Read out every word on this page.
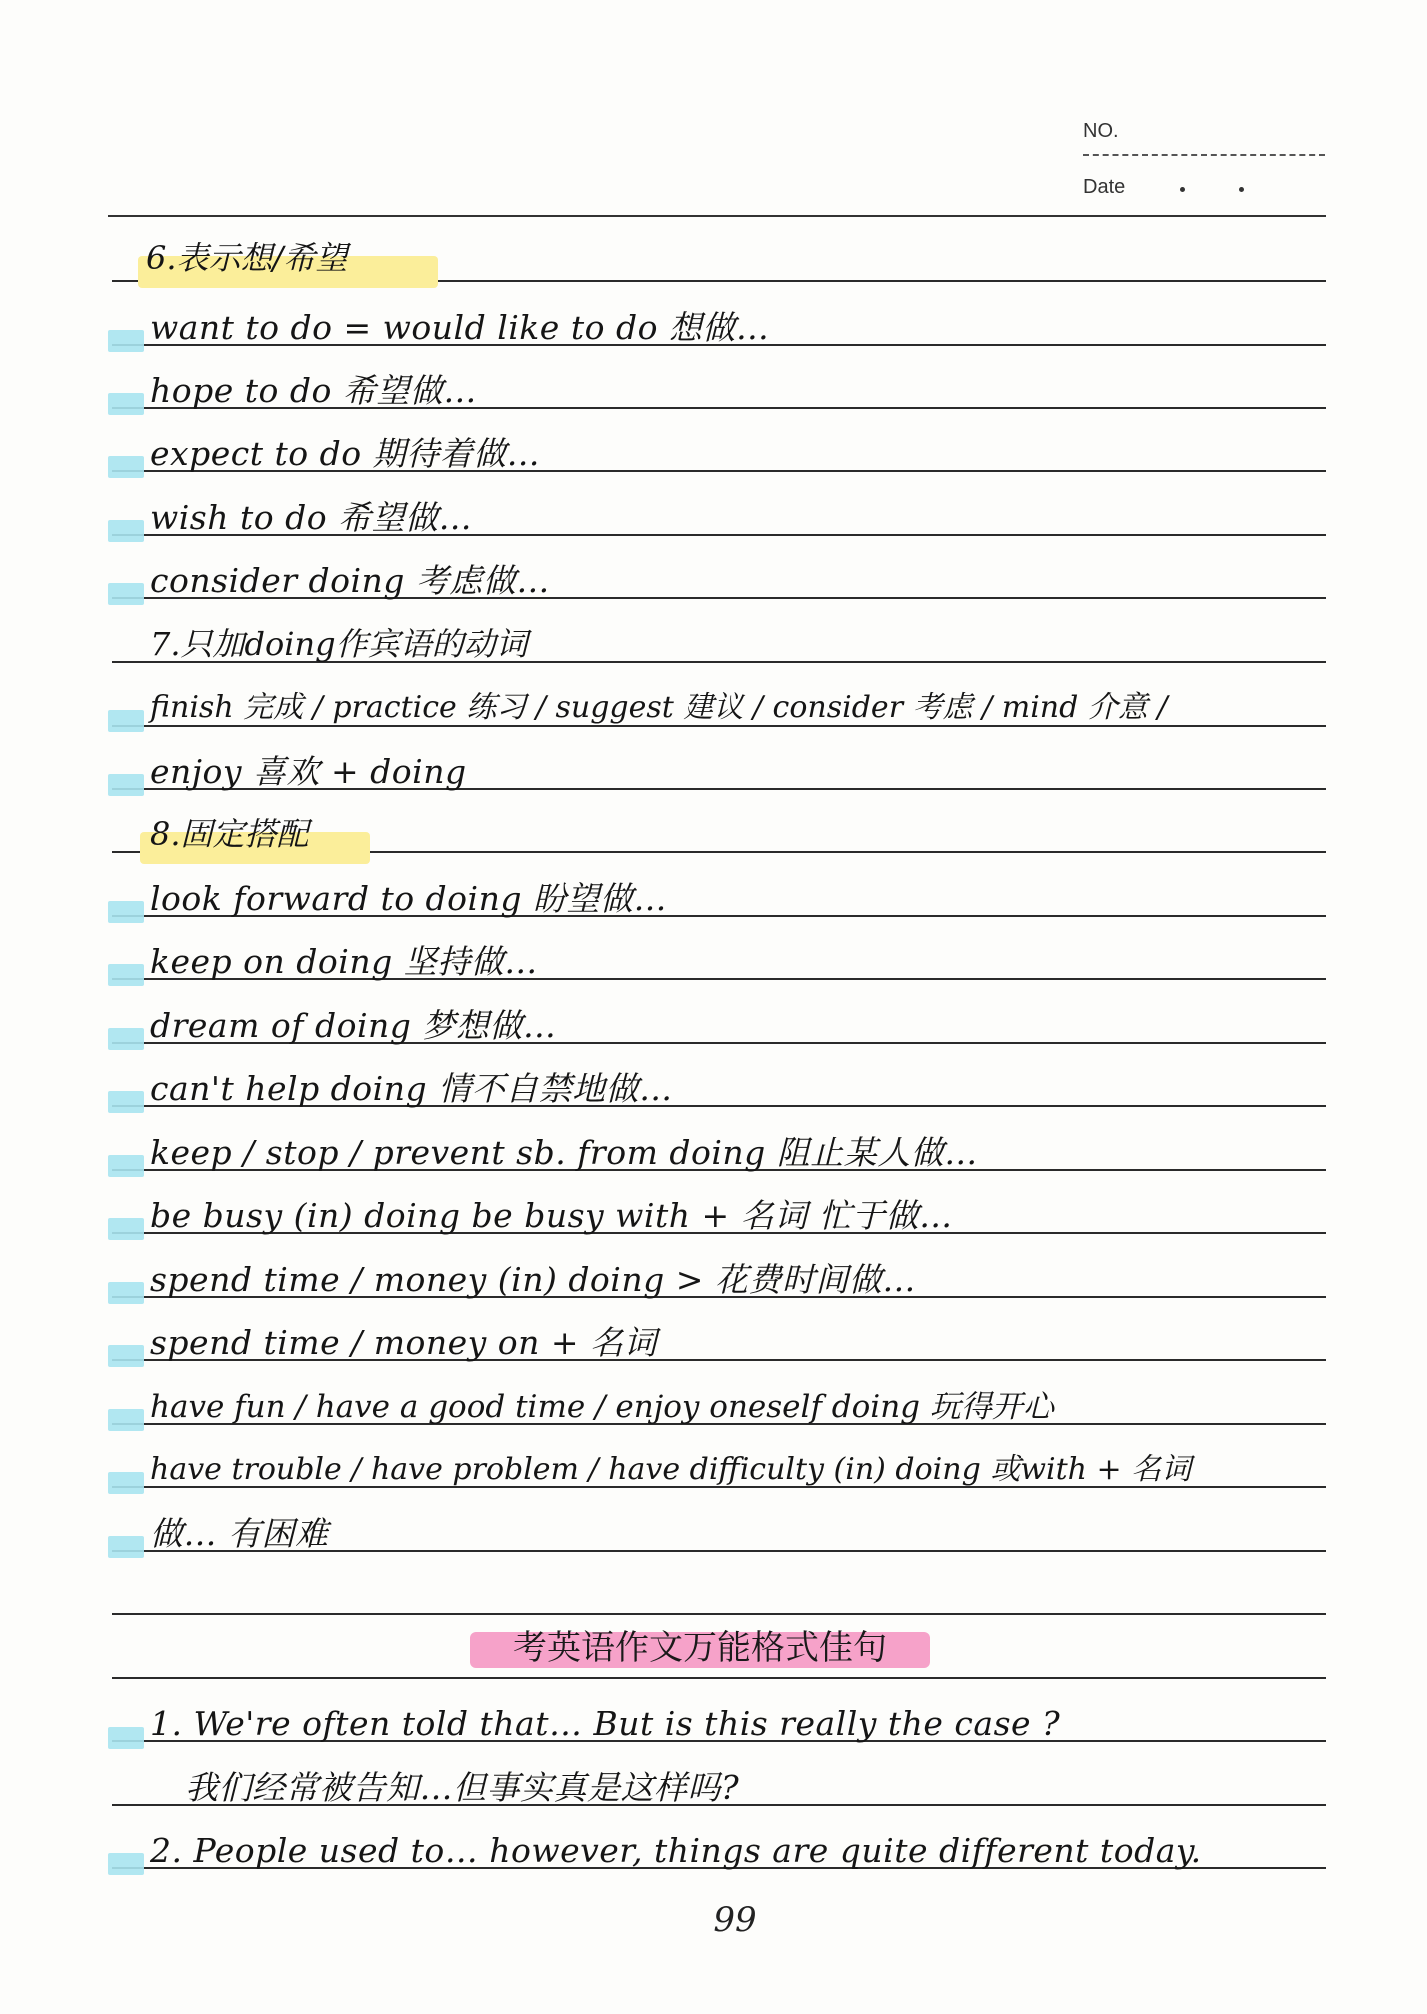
NO.
Date
6.表示想/希望
want to do = would like to do 想做…
hope to do 希望做…
expect to do 期待着做…
wish to do 希望做…
consider doing 考虑做…
7.只加doing作宾语的动词
finish 完成 / practice 练习 / suggest 建议 / consider 考虑 / mind 介意 /
enjoy 喜欢 + doing
8.固定搭配
look forward to doing 盼望做…
keep on doing 坚持做…
dream of doing 梦想做…
can't help doing 情不自禁地做…
keep / stop / prevent sb. from doing 阻止某人做…
be busy (in) doing be busy with + 名词 忙于做…
spend time / money (in) doing > 花费时间做…
spend time / money on + 名词
have fun / have a good time / enjoy oneself doing 玩得开心
have trouble / have problem / have difficulty (in) doing 或with + 名词
做… 有困难
考英语作文万能格式佳句
1. We're often told that… But is this really the case ?
我们经常被告知…但事实真是这样吗?
2. People used to… however, things are quite different today.
99
